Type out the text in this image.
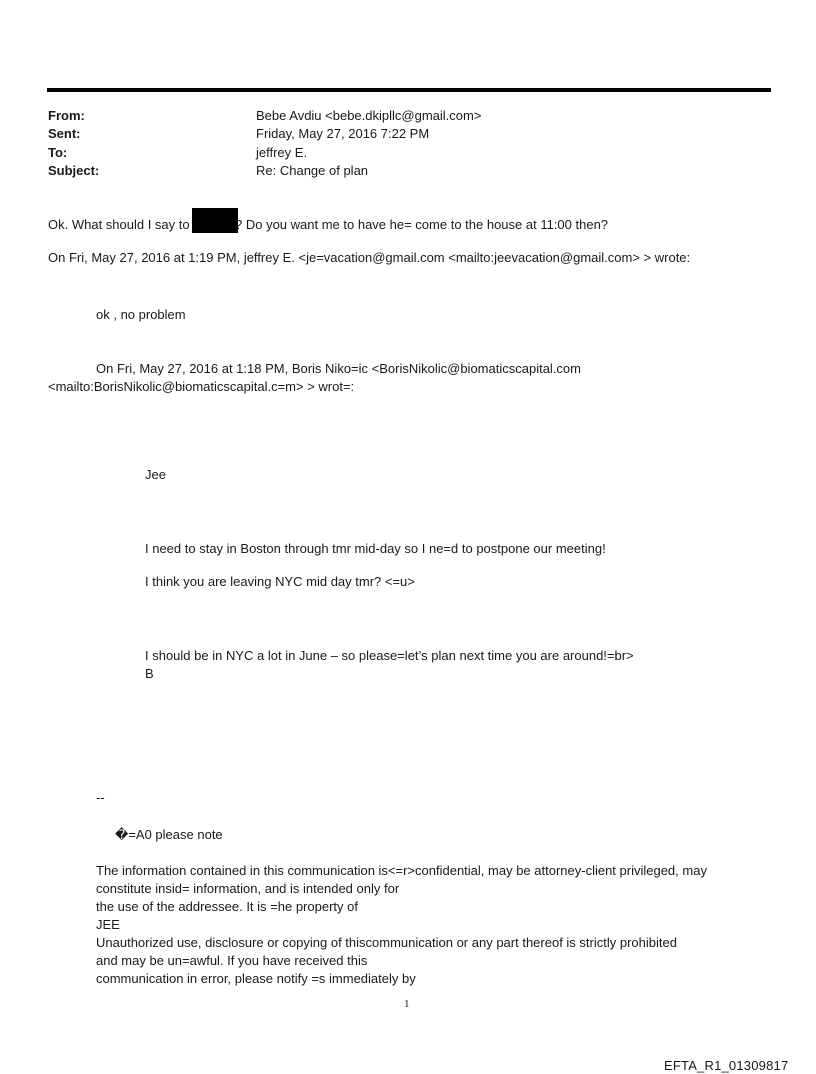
From:	Bebe Avdiu <bebe.dkipllc@gmail.com>
Sent:	Friday, May 27, 2016 7:22 PM
To:	jeffrey E.
Subject:	Re: Change of plan
Ok. What should I say to	? Do you want me to have he= come to the house at 11:00 then?
On Fri, May 27, 2016 at 1:19 PM, jeffrey E. <je=vacation@gmail.com <mailto:jeevacation@gmail.com> > wrote:
ok , no problem
On Fri, May 27, 2016 at 1:18 PM, Boris Niko=ic <BorisNikolic@biomaticscapital.com
<mailto:BorisNikolic@biomaticscapital.c=m> > wrot=:
Jee
I need to stay in Boston through tmr mid-day so I ne=d to postpone our meeting!
I think you are leaving NYC mid day tmr? <=u>
I should be in NYC a lot in June – so please=let’s plan next time you are around!=br>
B
--
�=A0 please note
The information contained in this communication is<=r>confidential, may be attorney-client privileged, may
constitute insid= information, and is intended only for
the use of the addressee. It is =he property of
JEE
Unauthorized use, disclosure or copying of thiscommunication or any part thereof is strictly prohibited
and may be un=awful. If you have received this
communication in error, please notify =s immediately by
1
EFTA_R1_01309817
